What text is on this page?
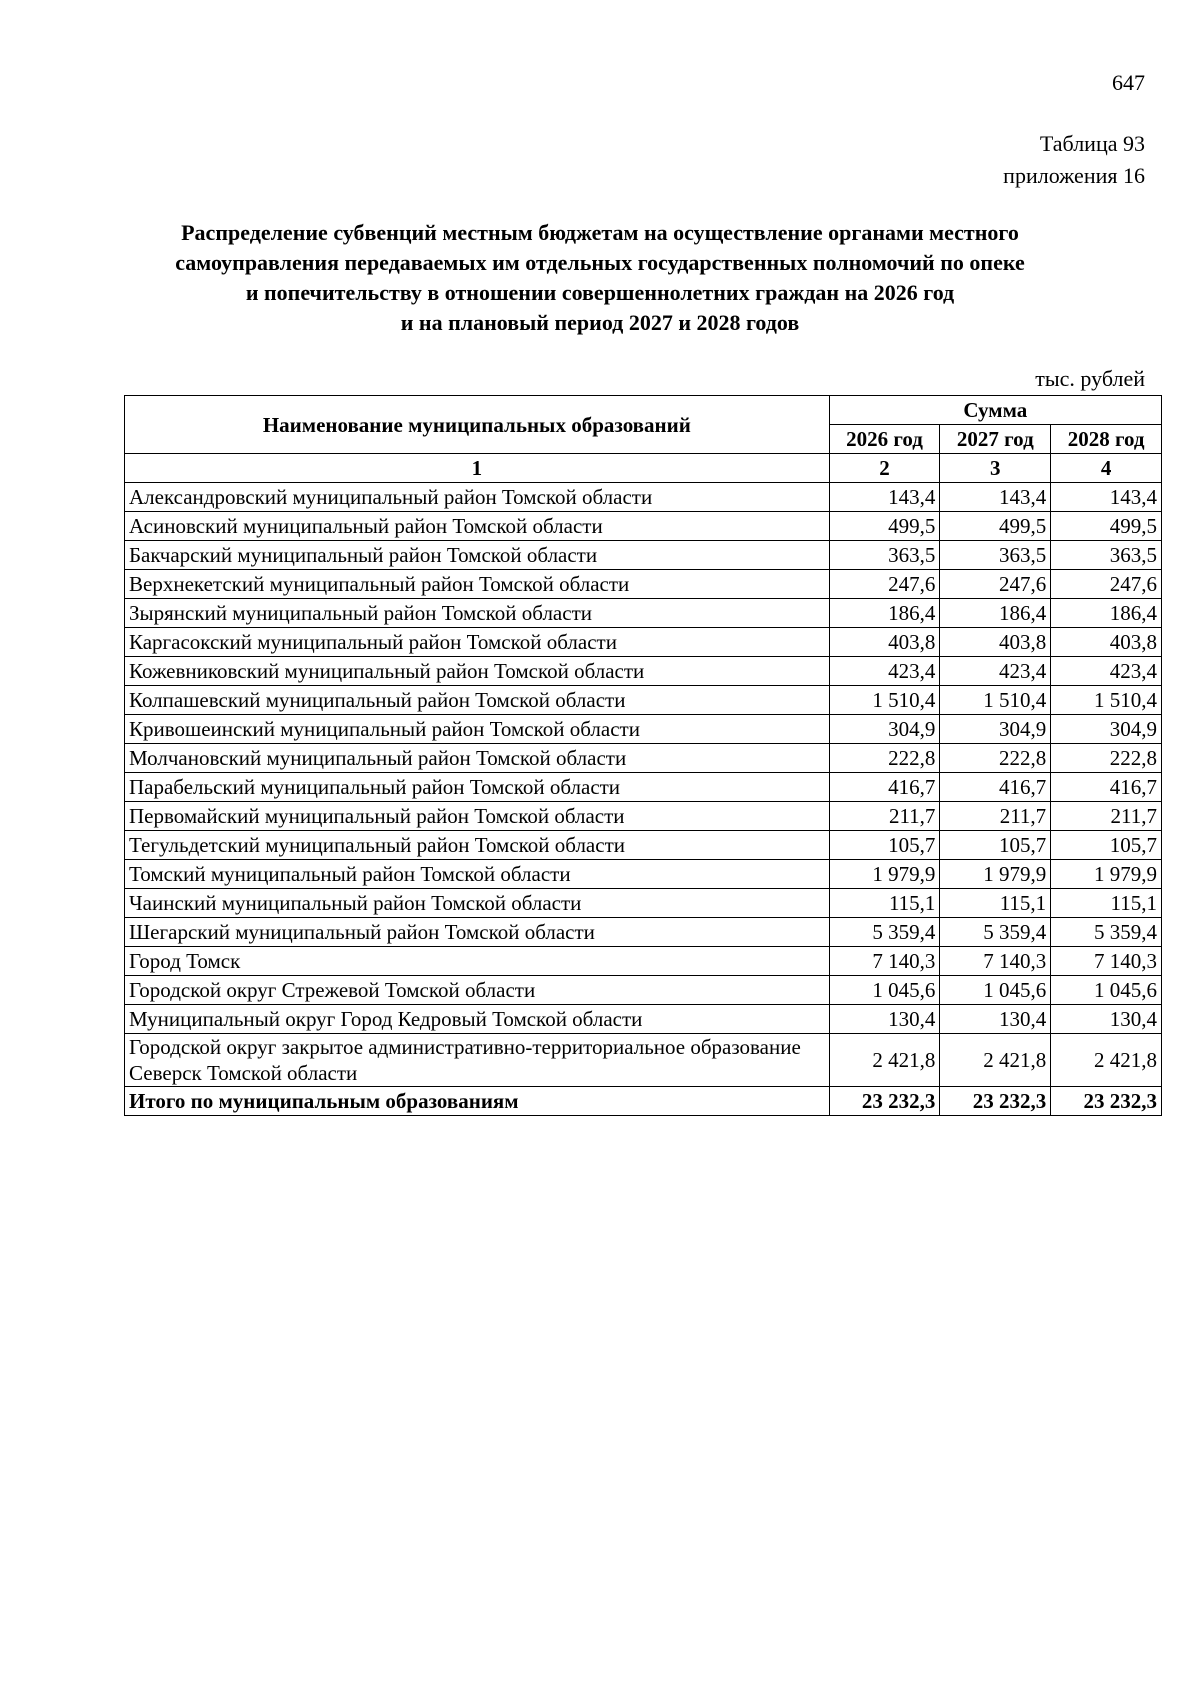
647
Таблица 93
приложения 16
Распределение субвенций местным бюджетам на осуществление органами местного
самоуправления передаваемых им отдельных государственных полномочий по опеке
и попечительству в отношении совершеннолетних граждан на 2026 год
и на плановый период 2027 и 2028 годов
тыс. рублей
Наименование муниципальных образований	Сумма		
	2026 год	2027 год	2028 год
1	2	3	4
Александровский муниципальный район Томской области	143,4	143,4	143,4
Асиновский муниципальный район Томской области	499,5	499,5	499,5
Бакчарский муниципальный район Томской области	363,5	363,5	363,5
Верхнекетский муниципальный район Томской области	247,6	247,6	247,6
Зырянский муниципальный район Томской области	186,4	186,4	186,4
Каргасокский муниципальный район Томской области	403,8	403,8	403,8
Кожевниковский муниципальный район Томской области	423,4	423,4	423,4
Колпашевский муниципальный район Томской области	1 510,4	1 510,4	1 510,4
Кривошеинский муниципальный район Томской области	304,9	304,9	304,9
Молчановский муниципальный район Томской области	222,8	222,8	222,8
Парабельский муниципальный район Томской области	416,7	416,7	416,7
Первомайский муниципальный район Томской области	211,7	211,7	211,7
Тегульдетский муниципальный район Томской области	105,7	105,7	105,7
Томский муниципальный район Томской области	1 979,9	1 979,9	1 979,9
Чаинский муниципальный район Томской области	115,1	115,1	115,1
Шегарский муниципальный район Томской области	5 359,4	5 359,4	5 359,4
Город Томск	7 140,3	7 140,3	7 140,3
Городской округ Стрежевой Томской области	1 045,6	1 045,6	1 045,6
Муниципальный округ Город Кедровый Томской области	130,4	130,4	130,4
Городской округ закрытое административно-территориальное образование Северск Томской области	2 421,8	2 421,8	2 421,8
Итого по муниципальным образованиям	23 232,3	23 232,3	23 232,3
